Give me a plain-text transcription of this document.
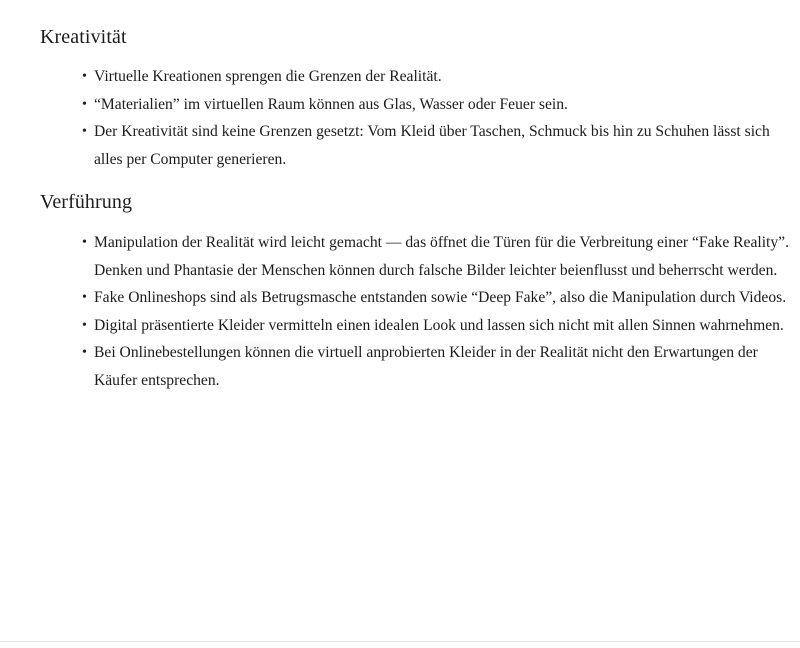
Kreativität
• Virtuelle Kreationen sprengen die Grenzen der Realität.
• “Materialien” im virtuellen Raum können aus Glas, Wasser oder Feuer sein.
• Der Kreativität sind keine Grenzen gesetzt: Vom Kleid über Taschen, Schmuck bis hin zu Schuhen lässt sich alles per Computer generieren.
Verführung
• Manipulation der Realität wird leicht gemacht — das öffnet die Türen für die Verbreitung einer “Fake Reality”. Denken und Phantasie der Menschen können durch falsche Bilder leichter beienflusst und beherrscht werden.
• Fake Onlineshops sind als Betrugsmasche entstanden sowie “Deep Fake”, also die Manipulation durch Videos.
• Digital präsentierte Kleider vermitteln einen idealen Look und lassen sich nicht mit allen Sinnen wahrnehmen.
• Bei Onlinebestellungen können die virtuell anprobierten Kleider in der Realität nicht den Erwartungen der Käufer entsprechen.
